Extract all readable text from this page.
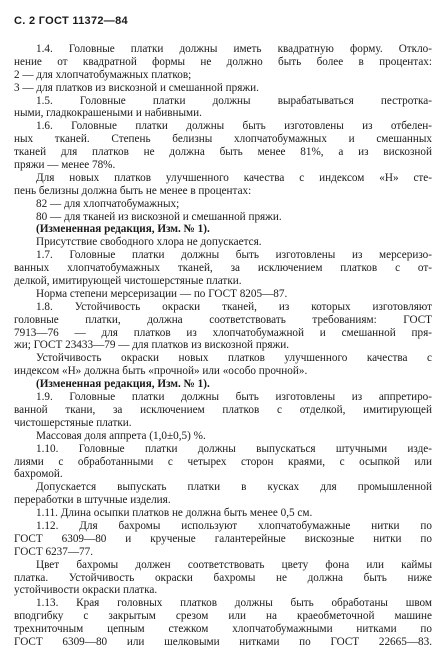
С. 2 ГОСТ 11372—84
1.4. Головные платки должны иметь квадратную форму. Откло-
нение от квадратной формы не должно быть более в процентах:
2 — для хлопчатобумажных платков;
3 — для платков из вискозной и смешанной пряжи.
1.5. Головные платки должны вырабатываться пестротка-
ными, гладкокрашеными и набивными.
1.6. Головные платки должны быть изготовлены из отбелен-
ных тканей. Степень белизны хлопчатобумажных и смешанных
тканей для платков не должна быть менее 81%, а из вискозной
пряжи — менее 78%.
Для новых платков улучшенного качества с индексом «Н» сте-
пень белизны должна быть не менее в процентах:
82 — для хлопчатобумажных;
80 — для тканей из вискозной и смешанной пряжи.
(Измененная редакция, Изм. № 1).
Присутствие свободного хлора не допускается.
1.7. Головные платки должны быть изготовлены из мерсеризо-
ванных хлопчатобумажных тканей, за исключением платков с от-
делкой, имитирующей чистошерстяные платки.
Норма степени мерсеризации — по ГОСТ 8205—87.
1.8. Устойчивость окраски тканей, из которых изготовляют
головные платки, должна соответствовать требованиям: ГОСТ
7913—76 — для платков из хлопчатобумажной и смешанной пря-
жи; ГОСТ 23433—79 — для платков из вискозной пряжи.
Устойчивость окраски новых платков улучшенного качества с
индексом «Н» должна быть «прочной» или «особо прочной».
(Измененная редакция, Изм. № 1).
1.9. Головные платки должны быть изготовлены из аппретиро-
ванной ткани, за исключением платков с отделкой, имитирующей
чистошерстяные платки.
Массовая доля аппрета (1,0±0,5) %.
1.10. Головные платки должны выпускаться штучными изде-
лиями с обработанными с четырех сторон краями, с осыпкой или
бахромой.
Допускается выпускать платки в кусках для промышленной
переработки в штучные изделия.
1.11. Длина осыпки платков не должна быть менее 0,5 см.
1.12. Для бахромы используют хлопчатобумажные нитки по
ГОСТ 6309—80 и крученые галантерейные вискозные нитки по
ГОСТ 6237—77.
Цвет бахромы должен соответствовать цвету фона или каймы
платка. Устойчивость окраски бахромы не должна быть ниже
устойчивости окраски платка.
1.13. Края головных платков должны быть обработаны швом
вподгибку с закрытым срезом или на краеобметочной машине
трехниточным цепным стежком хлопчатобумажными нитками по
ГОСТ 6309—80 или шелковыми нитками по ГОСТ 22665—83.
